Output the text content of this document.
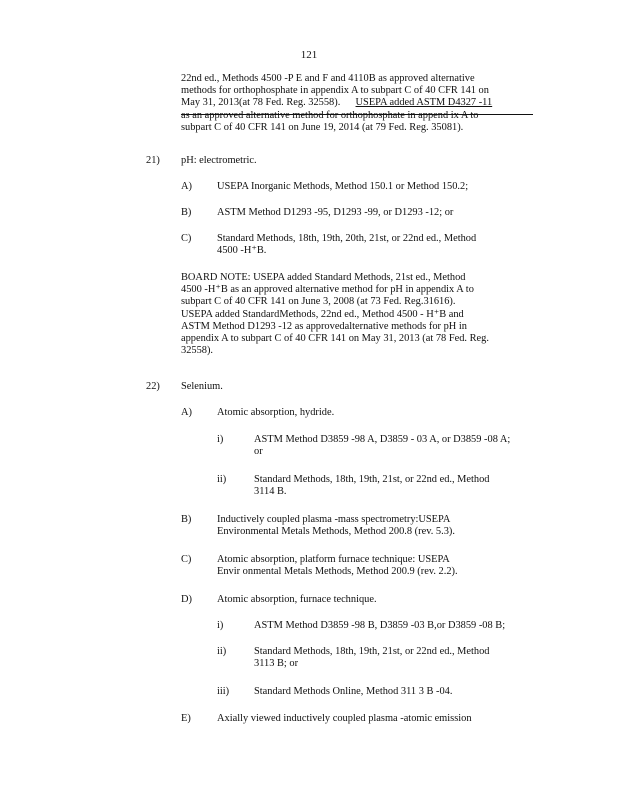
121
22nd ed., Methods 4500 -P E and F and 4110B as approved alternative
methods for orthophosphate in appendix A to subpart C of 40 CFR 141 on
May 31, 2013(at 78 Fed. Reg. 32558). USEPA added ASTM D4327 -11
as an approved alternative method for orthophosphate in append ix A to
subpart C of 40 CFR 141 on June 19, 2014 (at 79 Fed. Reg. 35081).
21) pH: electrometric.
A) USEPA Inorganic Methods, Method 150.1 or Method 150.2;
B) ASTM Method D1293 -95, D1293 -99, or D1293 -12; or
C) Standard Methods, 18th, 19th, 20th, 21st, or 22nd ed., Method
4500 -H⁺B.
BOARD NOTE: USEPA added Standard Methods, 21st ed., Method
4500 -H⁺B as an approved alternative method for pH in appendix A to
subpart C of 40 CFR 141 on June 3, 2008 (at 73 Fed. Reg.31616).
USEPA added StandardMethods, 22nd ed., Method 4500 - H⁺B and
ASTM Method D1293 -12 as approvedalternative methods for pH in
appendix A to subpart C of 40 CFR 141 on May 31, 2013 (at 78 Fed. Reg.
32558).
22) Selenium.
A) Atomic absorption, hydride.
i)	ASTM Method D3859 -98 A, D3859 - 03 A, or D3859 -08 A;
or
ii)	Standard Methods, 18th, 19th, 21st, or 22nd ed., Method
3114 B.
B) Inductively coupled plasma -mass spectrometry:USEPA
Environmental Metals Methods, Method 200.8 (rev. 5.3).
C) Atomic absorption, platform furnace technique: USEPA
Envir onmental Metals Methods, Method 200.9 (rev. 2.2).
D) Atomic absorption, furnace technique.
i)	ASTM Method D3859 -98 B, D3859 -03 B,or D3859 -08 B;
ii)	Standard Methods, 18th, 19th, 21st, or 22nd ed., Method
3113 B; or
iii) Standard Methods Online, Method 311 3 B -04.
E)	Axially viewed inductively coupled plasma -atomic emission
